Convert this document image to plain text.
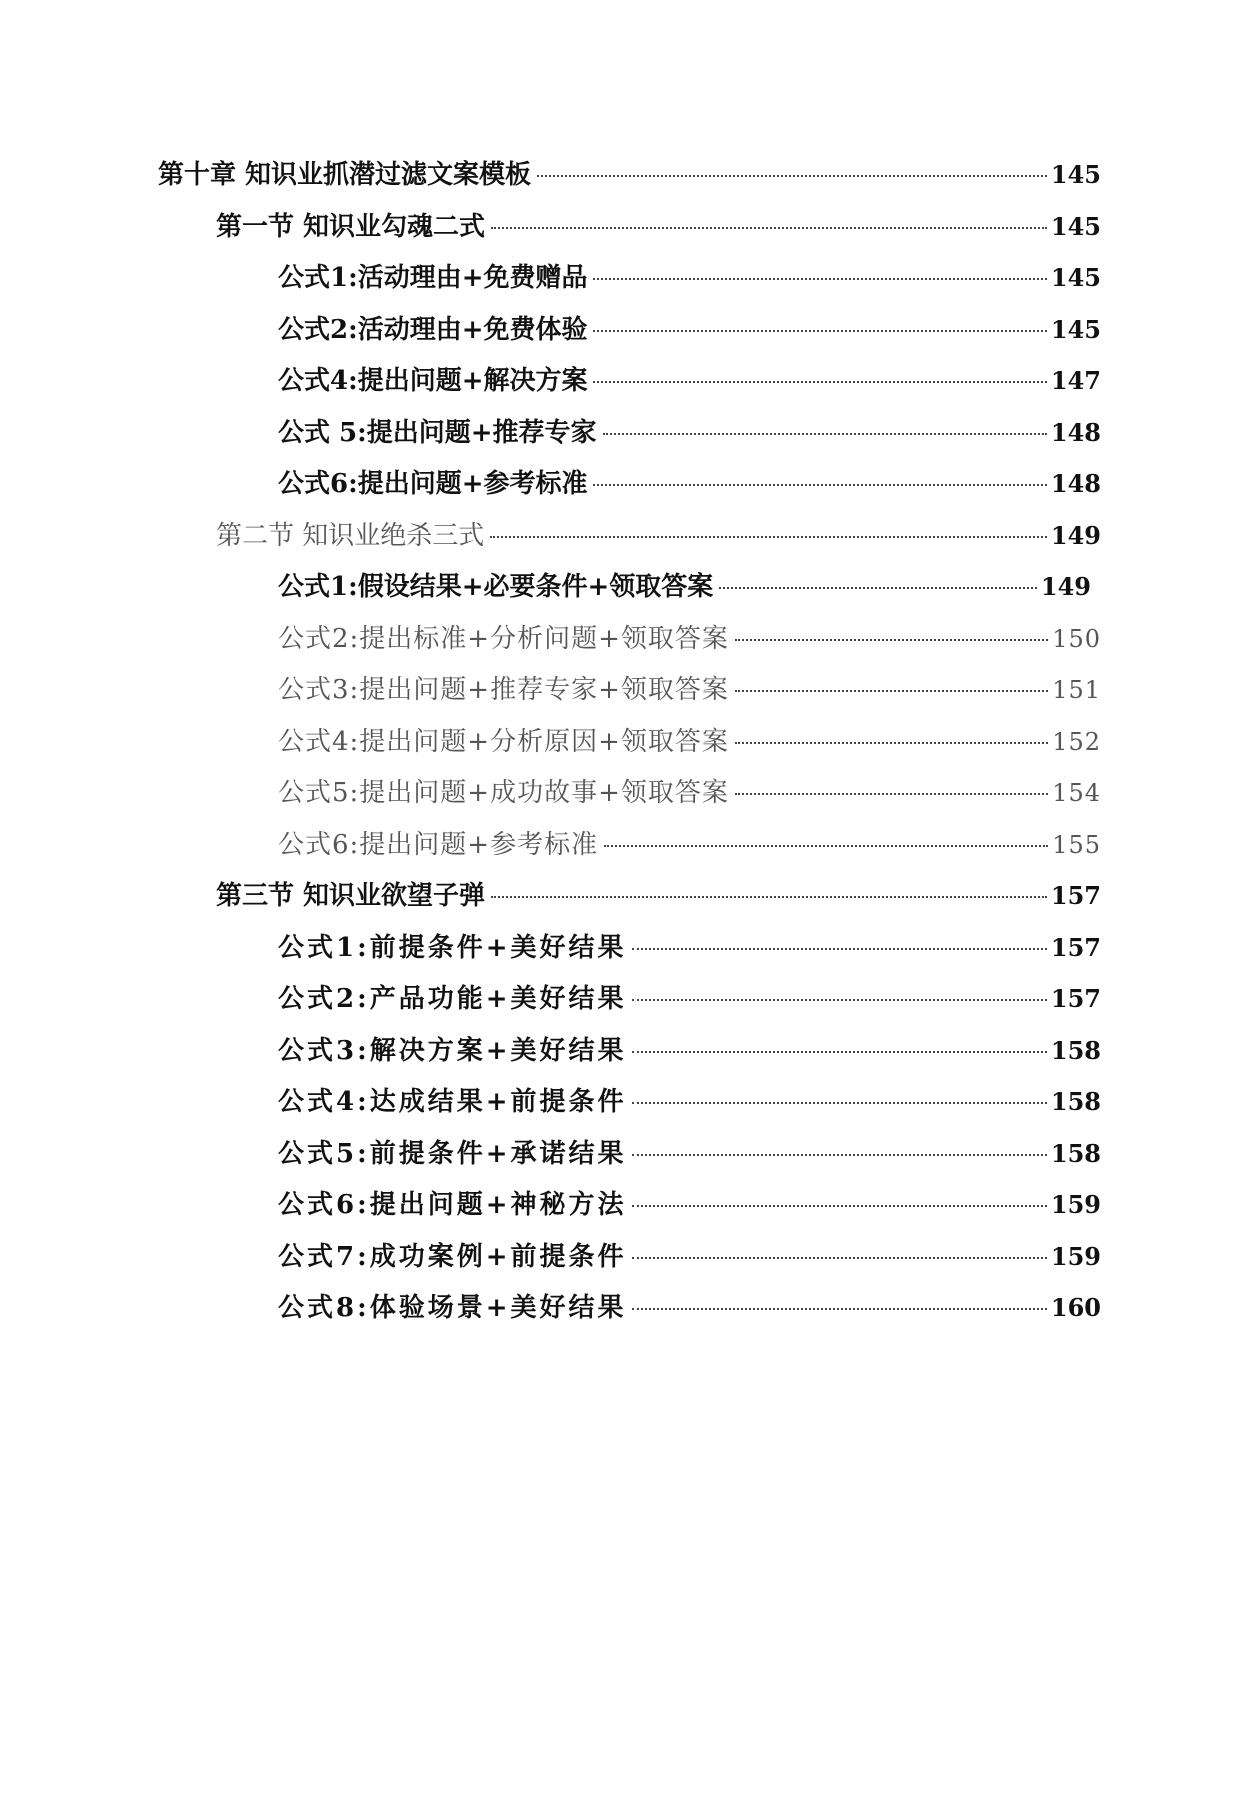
第十章 知识业抓潜过滤文案模板	145
第一节 知识业勾魂二式	145
公式1:活动理由+免费赠品	145
公式2:活动理由+免费体验	145
公式4:提出问题+解决方案	147
公式 5:提出问题+推荐专家	148
公式6:提出问题+参考标准	148
第二节 知识业绝杀三式	149
公式1:假设结果+必要条件+领取答案	149
公式2:提出标准+分析问题+领取答案	150
公式3:提出问题+推荐专家+领取答案	151
公式4:提出问题+分析原因+领取答案	152
公式5:提出问题+成功故事+领取答案	154
公式6:提出问题+参考标准	155
第三节 知识业欲望子弹	157
公式1:前提条件+美好结果	157
公式2:产品功能+美好结果	157
公式3:解决方案+美好结果	158
公式4:达成结果+前提条件	158
公式5:前提条件+承诺结果	158
公式6:提出问题+神秘方法	159
公式7:成功案例+前提条件	159
公式8:体验场景+美好结果	160
